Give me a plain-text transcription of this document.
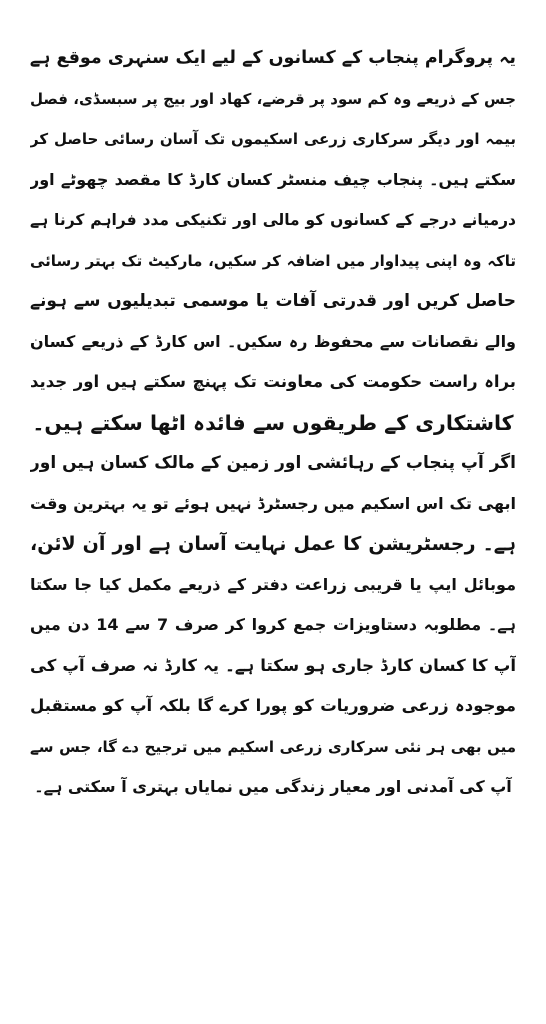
یہ پروگرام پنجاب کے کسانوں کے لیے ایک سنہری موقع ہے
جس کے ذریعے وہ کم سود پر قرضے، کھاد اور بیج پر سبسڈی، فصل
بیمہ اور دیگر سرکاری زرعی اسکیموں تک آسان رسائی حاصل کر
سکتے ہیں۔ پنجاب چیف منسٹر کسان کارڈ کا مقصد چھوٹے اور
درمیانے درجے کے کسانوں کو مالی اور تکنیکی مدد فراہم کرنا ہے
تاکہ وہ اپنی پیداوار میں اضافہ کر سکیں، مارکیٹ تک بہتر رسائی
حاصل کریں اور قدرتی آفات یا موسمی تبدیلیوں سے ہونے
والے نقصانات سے محفوظ رہ سکیں۔ اس کارڈ کے ذریعے کسان
براہ راست حکومت کی معاونت تک پہنچ سکتے ہیں اور جدید
کاشتکاری کے طریقوں سے فائدہ اٹھا سکتے ہیں۔
اگر آپ پنجاب کے رہائشی اور زمین کے مالک کسان ہیں اور
ابھی تک اس اسکیم میں رجسٹرڈ نہیں ہوئے تو یہ بہترین وقت
ہے۔ رجسٹریشن کا عمل نہایت آسان ہے اور آن لائن،
موبائل ایپ یا قریبی زراعت دفتر کے ذریعے مکمل کیا جا سکتا
ہے۔ مطلوبہ دستاویزات جمع کروا کر صرف 7 سے 14 دن میں
آپ کا کسان کارڈ جاری ہو سکتا ہے۔ یہ کارڈ نہ صرف آپ کی
موجودہ زرعی ضروریات کو پورا کرے گا بلکہ آپ کو مستقبل
میں بھی ہر نئی سرکاری زرعی اسکیم میں ترجیح دے گا، جس سے
آپ کی آمدنی اور معیار زندگی میں نمایاں بہتری آ سکتی ہے۔
